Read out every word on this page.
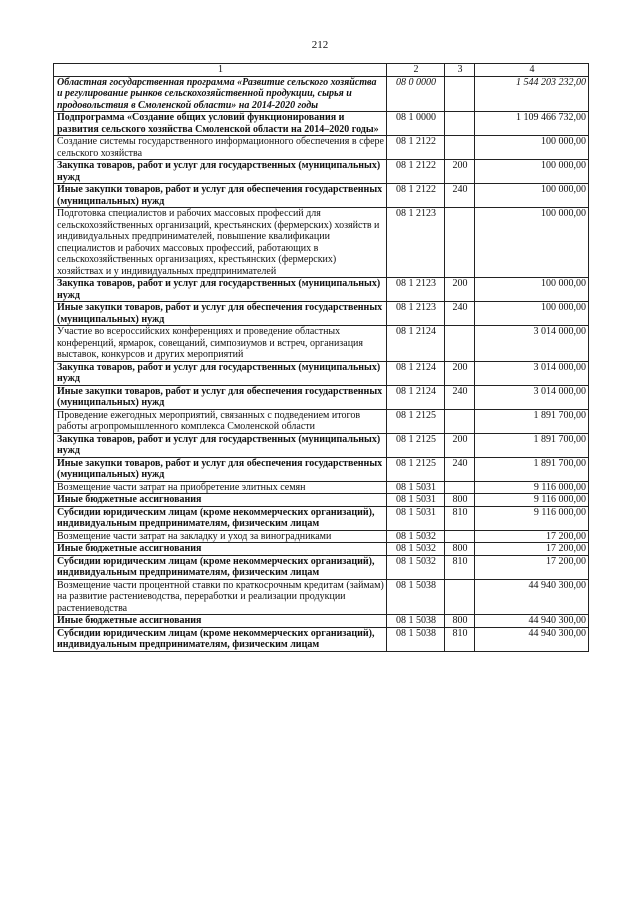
212
1	2	3	4
Областная государственная программа «Развитие сельского хозяйства и регулирование рынков сельскохозяйственной продукции, сырья и продовольствия в Смоленской области» на 2014-2020 годы	08 0 0000		1 544 203 232,00
Подпрограмма «Создание общих условий функционирования и развития сельского хозяйства Смоленской области на 2014–2020 годы»	08 1 0000		1 109 466 732,00
Создание системы государственного информационного обеспечения в сфере сельского хозяйства	08 1 2122		100 000,00
Закупка товаров, работ и услуг для государственных (муниципальных) нужд	08 1 2122	200	100 000,00
Иные закупки товаров, работ и услуг для обеспечения государственных (муниципальных) нужд	08 1 2122	240	100 000,00
Подготовка специалистов и рабочих массовых профессий для сельскохозяйственных организаций, крестьянских (фермерских) хозяйств и индивидуальных предпринимателей, повышение квалификации специалистов и рабочих массовых профессий, работающих в сельскохозяйственных организациях, крестьянских (фермерских) хозяйствах и у индивидуальных предпринимателей	08 1 2123		100 000,00
Закупка товаров, работ и услуг для государственных (муниципальных) нужд	08 1 2123	200	100 000,00
Иные закупки товаров, работ и услуг для обеспечения государственных (муниципальных) нужд	08 1 2123	240	100 000,00
Участие во всероссийских конференциях и проведение областных конференций, ярмарок, совещаний, симпозиумов и встреч, организация выставок, конкурсов и других мероприятий	08 1 2124		3 014 000,00
Закупка товаров, работ и услуг для государственных (муниципальных) нужд	08 1 2124	200	3 014 000,00
Иные закупки товаров, работ и услуг для обеспечения государственных (муниципальных) нужд	08 1 2124	240	3 014 000,00
Проведение ежегодных мероприятий, связанных с подведением итогов работы агропромышленного комплекса Смоленской области	08 1 2125		1 891 700,00
Закупка товаров, работ и услуг для государственных (муниципальных) нужд	08 1 2125	200	1 891 700,00
Иные закупки товаров, работ и услуг для обеспечения государственных (муниципальных) нужд	08 1 2125	240	1 891 700,00
Возмещение части затрат на приобретение элитных семян	08 1 5031		9 116 000,00
Иные бюджетные ассигнования	08 1 5031	800	9 116 000,00
Субсидии юридическим лицам (кроме некоммерческих организаций), индивидуальным предпринимателям, физическим лицам	08 1 5031	810	9 116 000,00
Возмещение части затрат на закладку и уход за виноградниками	08 1 5032		17 200,00
Иные бюджетные ассигнования	08 1 5032	800	17 200,00
Субсидии юридическим лицам (кроме некоммерческих организаций), индивидуальным предпринимателям, физическим лицам	08 1 5032	810	17 200,00
Возмещение части процентной ставки по краткосрочным кредитам (займам) на развитие растениеводства, переработки и реализации продукции растениеводства	08 1 5038		44 940 300,00
Иные бюджетные ассигнования	08 1 5038	800	44 940 300,00
Субсидии юридическим лицам (кроме некоммерческих организаций), индивидуальным предпринимателям, физическим лицам	08 1 5038	810	44 940 300,00
